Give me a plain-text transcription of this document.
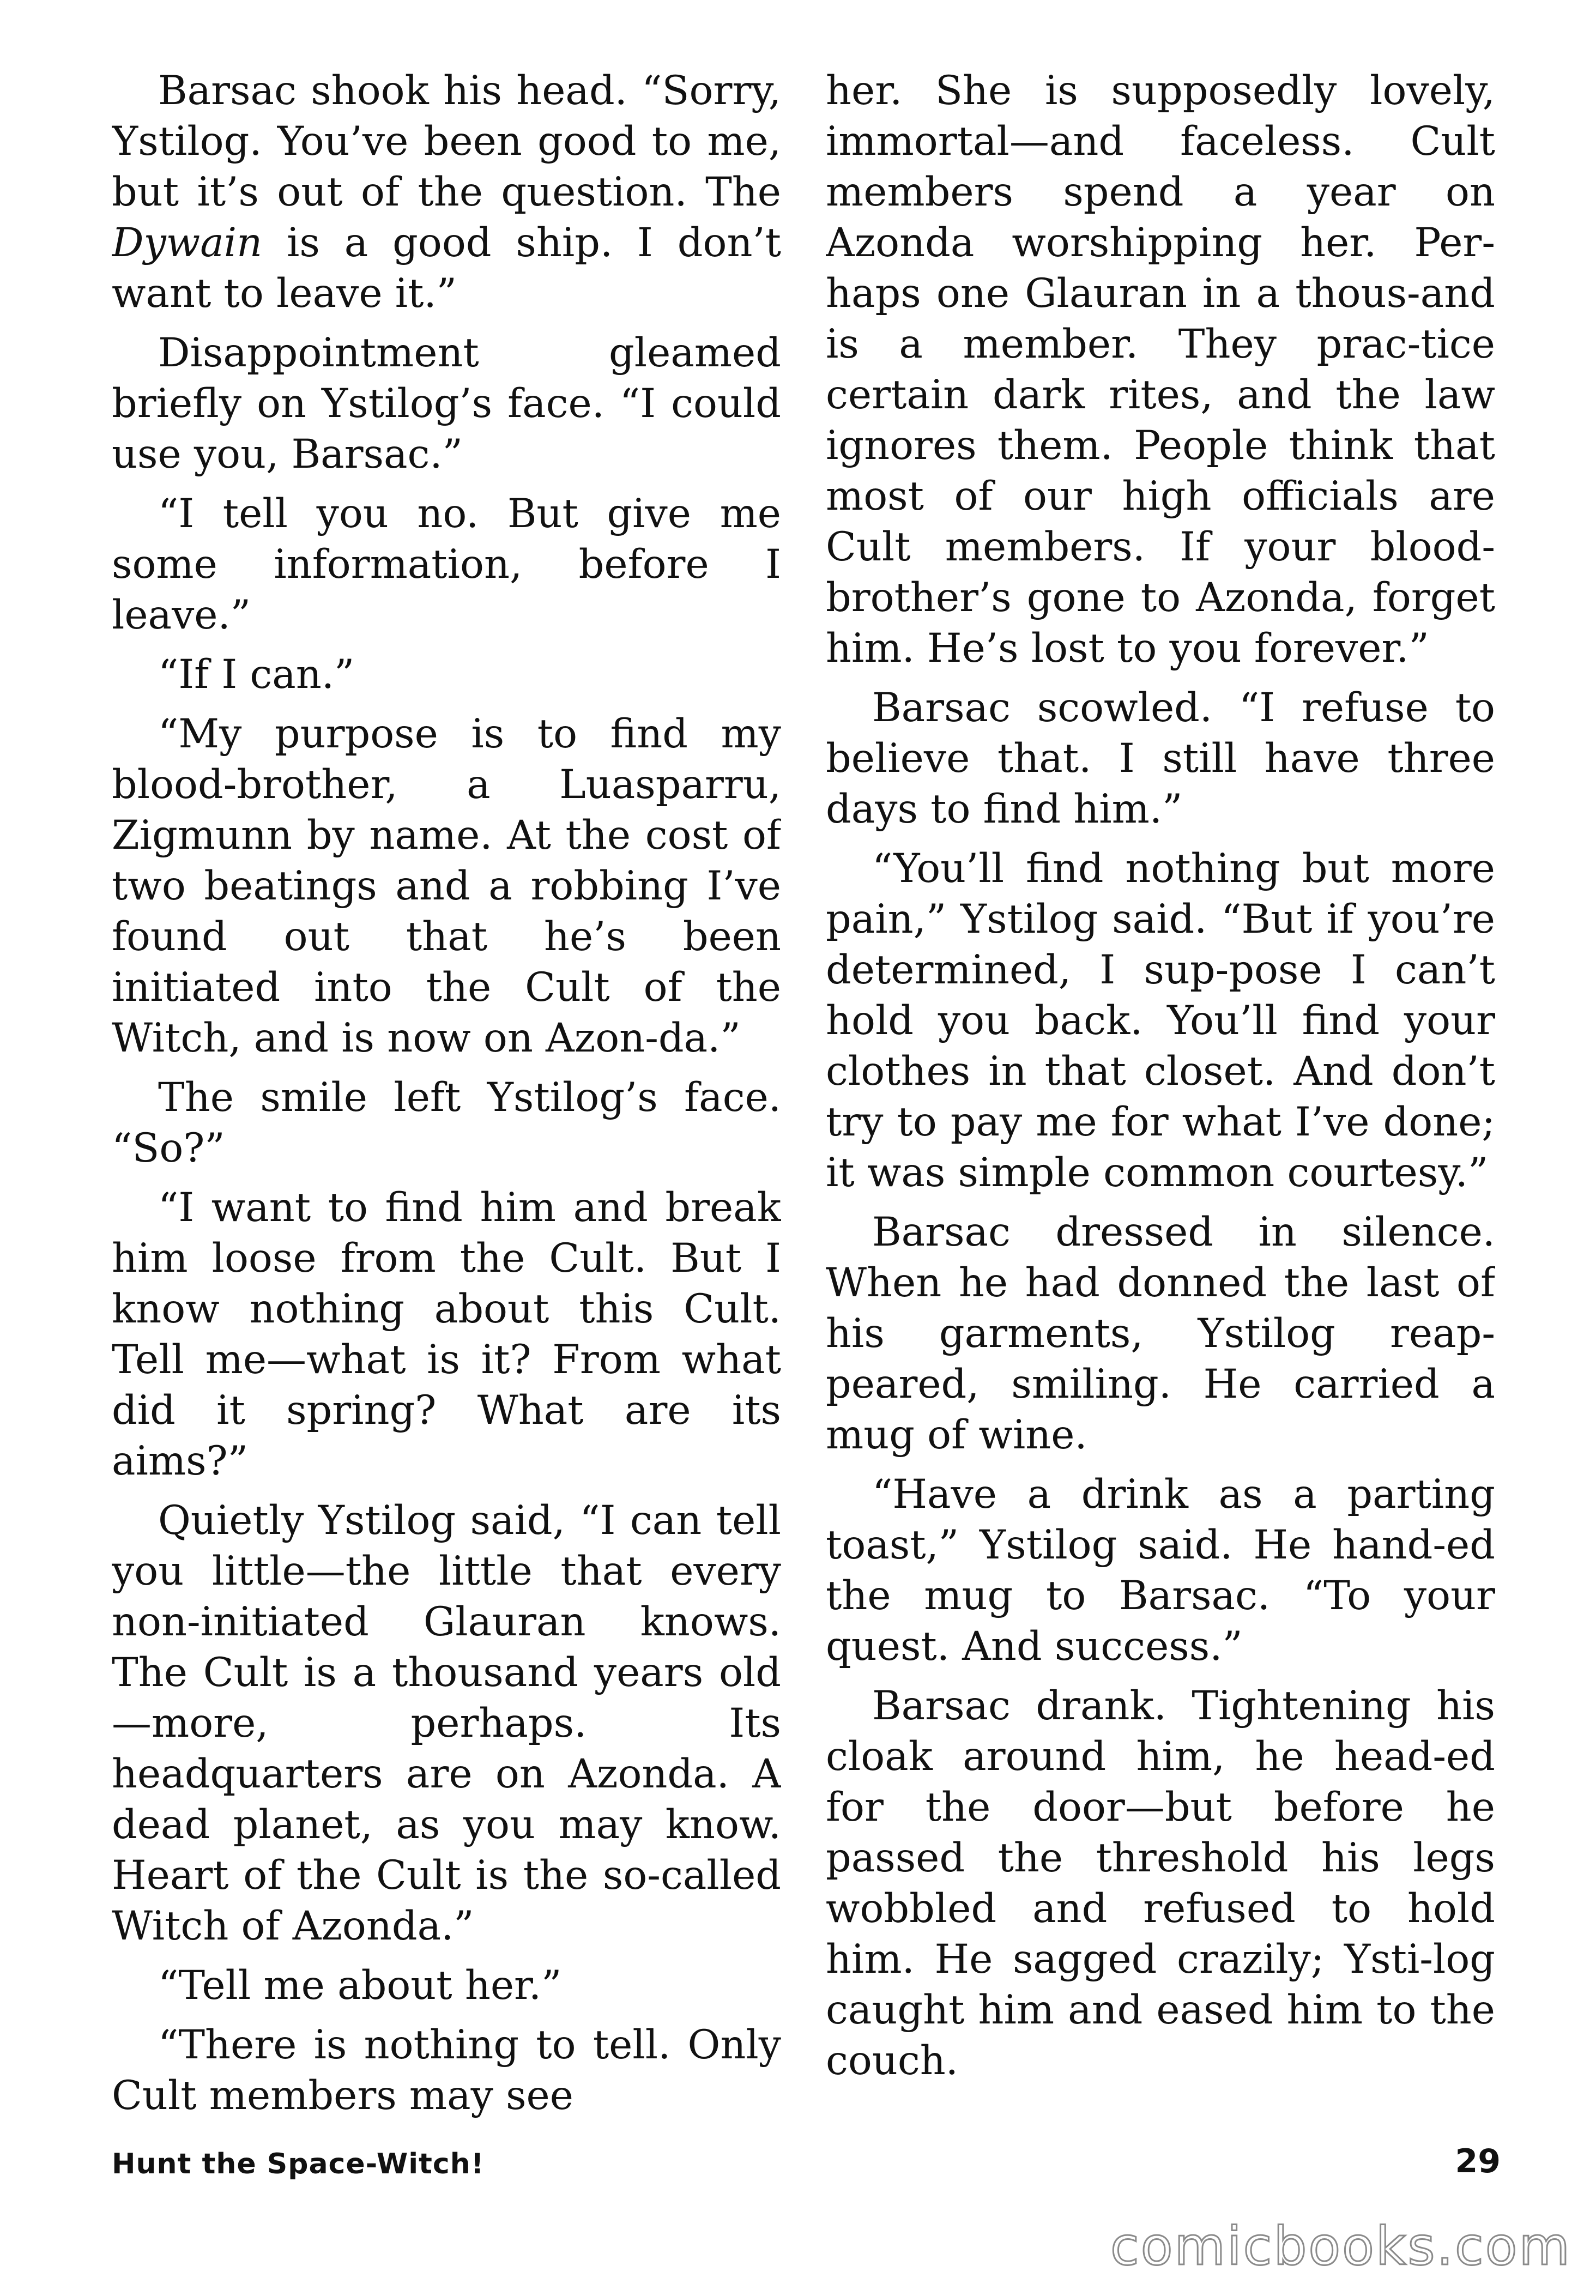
Barsac shook his head. “Sorry, Ystilog. You’ve been good to me, but it’s out of the question. The Dywain is a good ship. I don’t want to leave it.”

Disappointment gleamed briefly on Ystilog’s face. “I could use you, Barsac.”

“I tell you no. But give me some information, before I leave.”

“If I can.”

“My purpose is to find my blood-brother, a Luasparru, Zigmunn by name. At the cost of two beatings and a robbing I’ve found out that he’s been initiated into the Cult of the Witch, and is now on Azon-da.”

The smile left Ystilog’s face. “So?”

“I want to find him and break him loose from the Cult. But I know nothing about this Cult. Tell me—what is it? From what did it spring? What are its aims?”

Quietly Ystilog said, “I can tell you little—the little that every non-initiated Glauran knows. The Cult is a thousand years old—more, perhaps. Its headquarters are on Azonda. A dead planet, as you may know. Heart of the Cult is the so-called Witch of Azonda.”

“Tell me about her.”

“There is nothing to tell. Only Cult members may see

her. She is supposedly lovely, immortal—and faceless. Cult members spend a year on Azonda worshipping her. Per-haps one Glauran in a thous-and is a member. They prac-tice certain dark rites, and the law ignores them. People think that most of our high officials are Cult members. If your blood-brother’s gone to Azonda, forget him. He’s lost to you forever.”

Barsac scowled. “I refuse to believe that. I still have three days to find him.”

“You’ll find nothing but more pain,” Ystilog said. “But if you’re determined, I sup-pose I can’t hold you back. You’ll find your clothes in that closet. And don’t try to pay me for what I’ve done; it was simple common courtesy.”

Barsac dressed in silence. When he had donned the last of his garments, Ystilog reap-peared, smiling. He carried a mug of wine.

“Have a drink as a parting toast,” Ystilog said. He hand-ed the mug to Barsac. “To your quest. And success.”

Barsac drank. Tightening his cloak around him, he head-ed for the door—but before he passed the threshold his legs wobbled and refused to hold him. He sagged crazily; Ysti-log caught him and eased him to the couch.

Hunt the Space-Witch!	29
comicbooks.com
